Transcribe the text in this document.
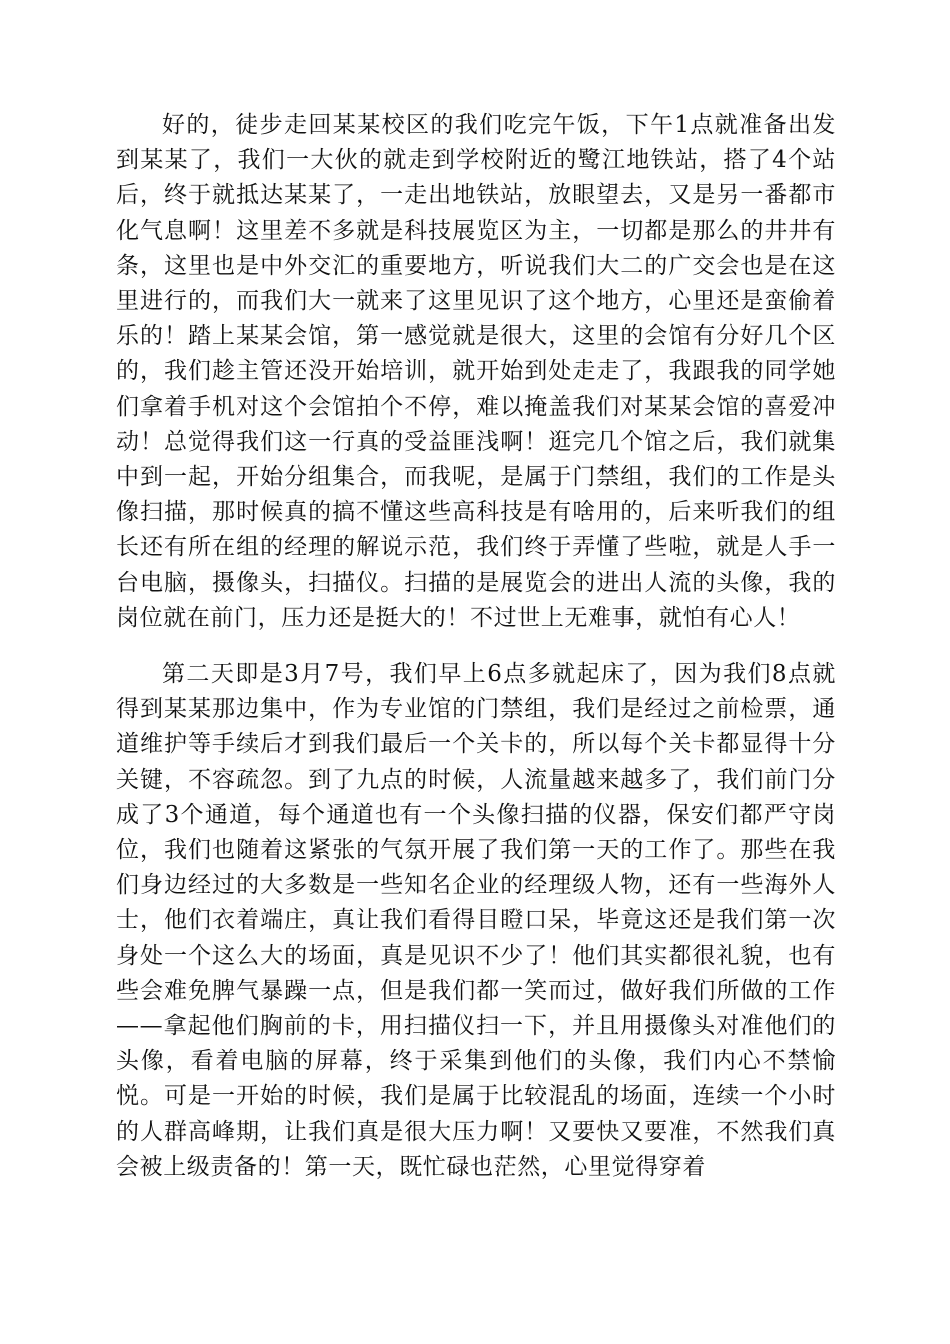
好的，徒步走回某某校区的我们吃完午饭，下午1点就准备出发到某某了，我们一大伙的就走到学校附近的鹭江地铁站，搭了4个站后，终于就抵达某某了，一走出地铁站，放眼望去，又是另一番都市化气息啊！这里差不多就是科技展览区为主，一切都是那么的井井有条，这里也是中外交汇的重要地方，听说我们大二的广交会也是在这里进行的，而我们大一就来了这里见识了这个地方，心里还是蛮偷着乐的！踏上某某会馆，第一感觉就是很大，这里的会馆有分好几个区的，我们趁主管还没开始培训，就开始到处走走了，我跟我的同学她们拿着手机对这个会馆拍个不停，难以掩盖我们对某某会馆的喜爱冲动！总觉得我们这一行真的受益匪浅啊！逛完几个馆之后，我们就集中到一起，开始分组集合，而我呢，是属于门禁组，我们的工作是头像扫描，那时候真的搞不懂这些高科技是有啥用的，后来听我们的组长还有所在组的经理的解说示范，我们终于弄懂了些啦，就是人手一台电脑，摄像头，扫描仪。扫描的是展览会的进出人流的头像，我的岗位就在前门，压力还是挺大的！不过世上无难事，就怕有心人！

第二天即是3月7号，我们早上6点多就起床了，因为我们8点就得到某某那边集中，作为专业馆的门禁组，我们是经过之前检票，通道维护等手续后才到我们最后一个关卡的，所以每个关卡都显得十分关键，不容疏忽。到了九点的时候，人流量越来越多了，我们前门分成了3个通道，每个通道也有一个头像扫描的仪器，保安们都严守岗位，我们也随着这紧张的气氛开展了我们第一天的工作了。那些在我们身边经过的大多数是一些知名企业的经理级人物，还有一些海外人士，他们衣着端庄，真让我们看得目瞪口呆，毕竟这还是我们第一次身处一个这么大的场面，真是见识不少了！他们其实都很礼貌，也有些会难免脾气暴躁一点，但是我们都一笑而过，做好我们所做的工作——拿起他们胸前的卡，用扫描仪扫一下，并且用摄像头对准他们的头像，看着电脑的屏幕，终于采集到他们的头像，我们内心不禁愉悦。可是一开始的时候，我们是属于比较混乱的场面，连续一个小时的人群高峰期，让我们真是很大压力啊！又要快又要准，不然我们真会被上级责备的！第一天，既忙碌也茫然，心里觉得穿着
